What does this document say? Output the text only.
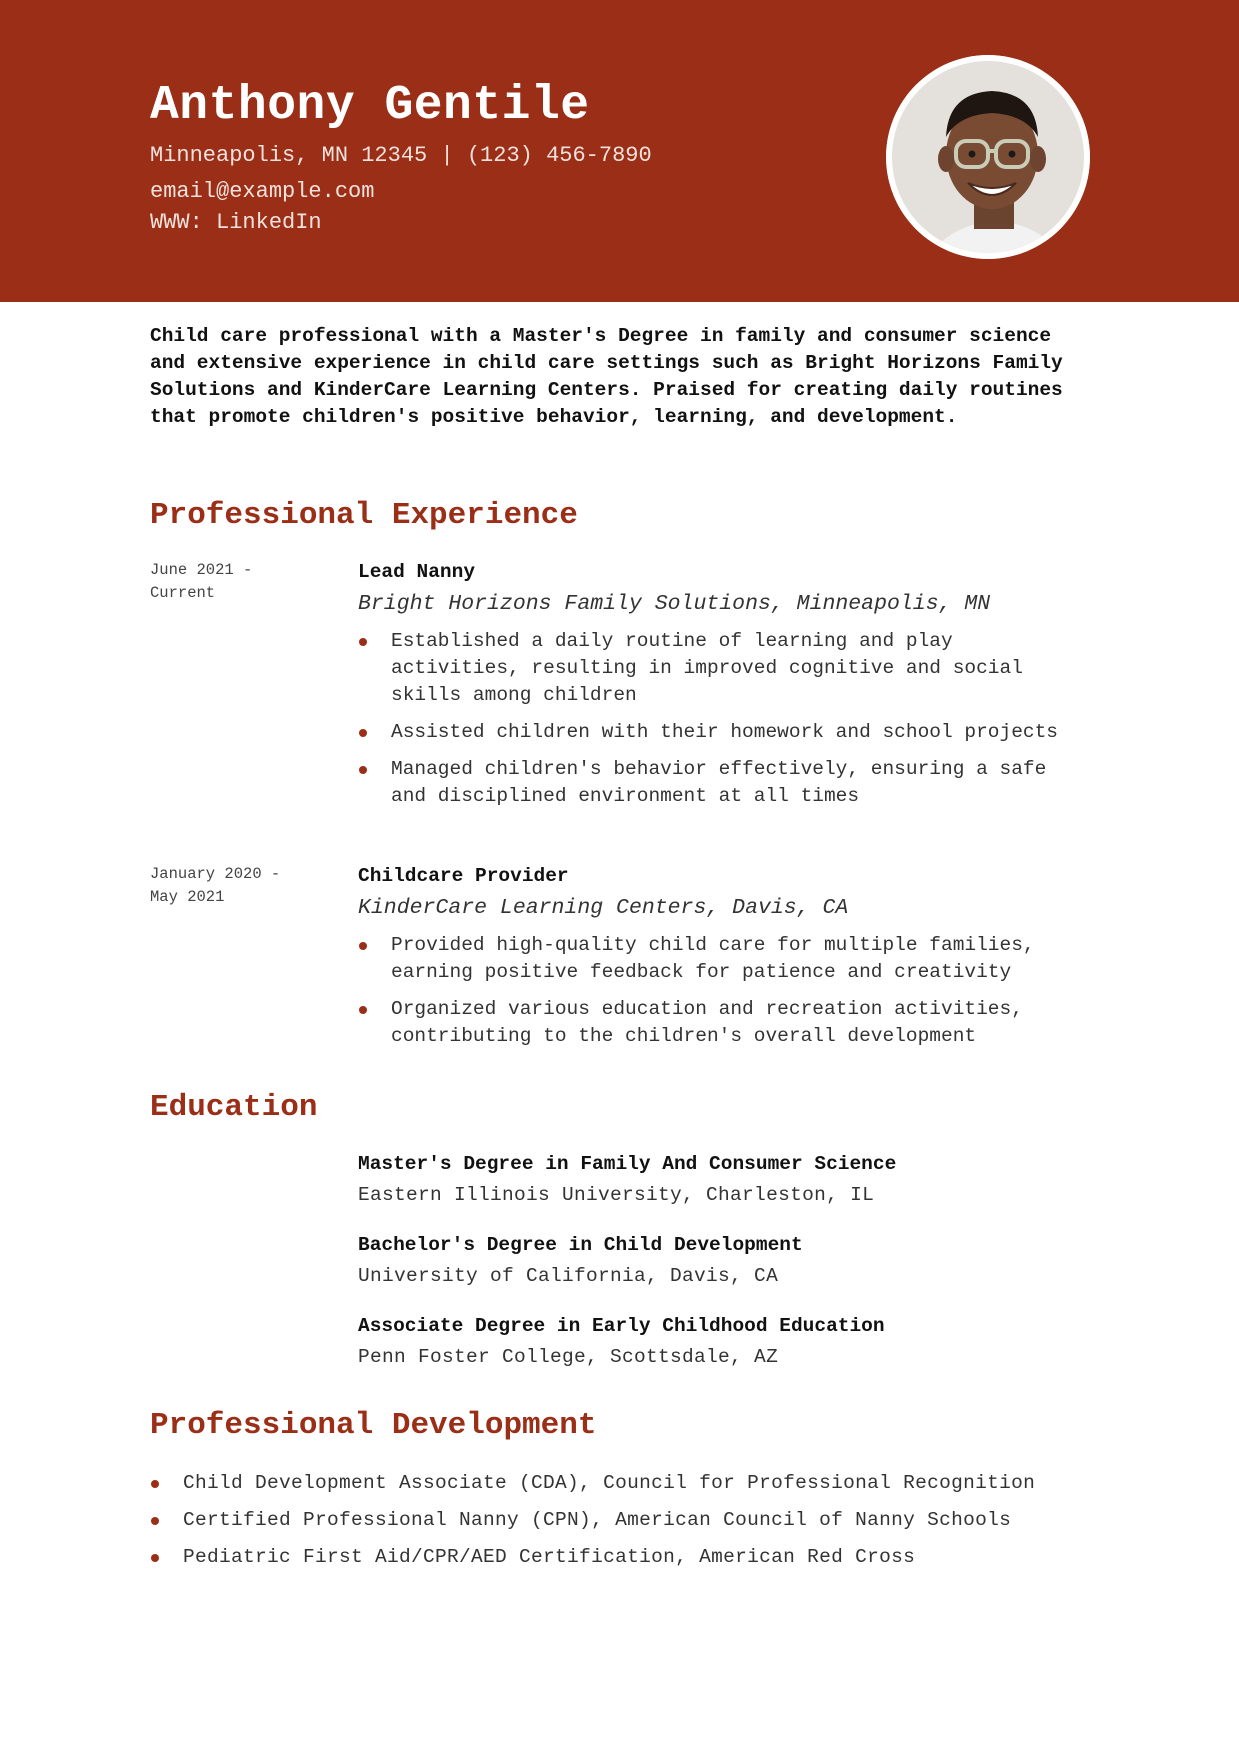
Anthony Gentile
Minneapolis, MN 12345 | (123) 456-7890
email@example.com
WWW: LinkedIn
Child care professional with a Master's Degree in family and consumer science and extensive experience in child care settings such as Bright Horizons Family Solutions and KinderCare Learning Centers. Praised for creating daily routines that promote children's positive behavior, learning, and development.
Professional Experience
June 2021 -
Current
Lead Nanny
Bright Horizons Family Solutions, Minneapolis, MN
Established a daily routine of learning and play activities, resulting in improved cognitive and social skills among children
Assisted children with their homework and school projects
Managed children's behavior effectively, ensuring a safe and disciplined environment at all times
January 2020 -
May 2021
Childcare Provider
KinderCare Learning Centers, Davis, CA
Provided high-quality child care for multiple families, earning positive feedback for patience and creativity
Organized various education and recreation activities, contributing to the children's overall development
Education
Master's Degree in Family And Consumer Science
Eastern Illinois University, Charleston, IL
Bachelor's Degree in Child Development
University of California, Davis, CA
Associate Degree in Early Childhood Education
Penn Foster College, Scottsdale, AZ
Professional Development
Child Development Associate (CDA), Council for Professional Recognition
Certified Professional Nanny (CPN), American Council of Nanny Schools
Pediatric First Aid/CPR/AED Certification, American Red Cross
